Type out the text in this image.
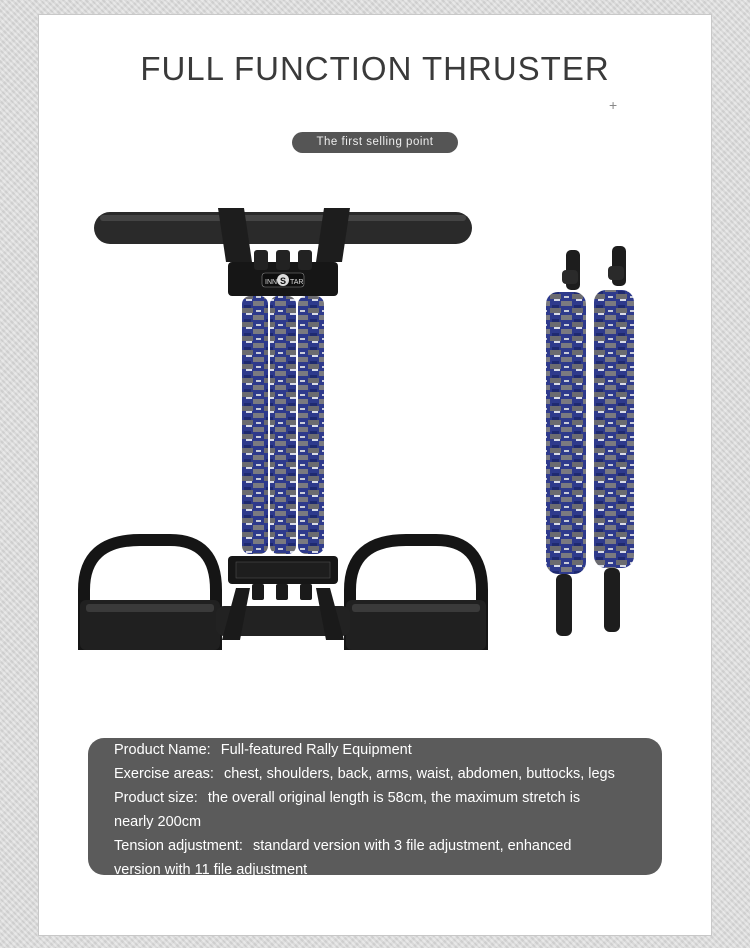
FULL FUNCTION THRUSTER
+
The first selling point
INN S TAR
Product Name: Full-featured Rally Equipment
Exercise areas: chest, shoulders, back, arms, waist, abdomen, buttocks, legs
Product size: the overall original length is 58cm, the maximum stretch is
nearly 200cm
Tension adjustment: standard version with 3 file adjustment, enhanced
version with 11 file adjustment
